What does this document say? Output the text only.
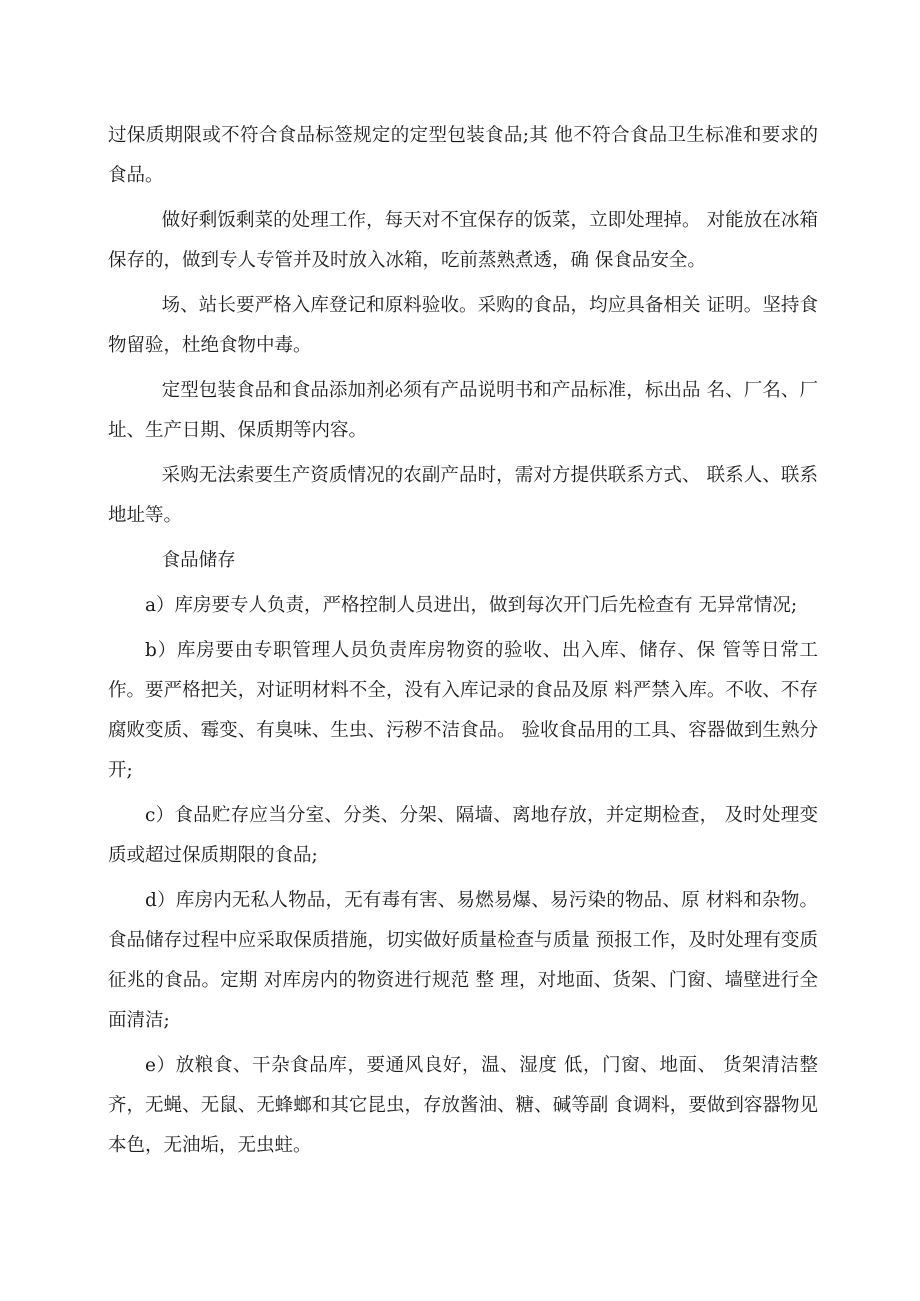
过保质期限或不符合食品标签规定的定型包装食品;其 他不符合食品卫生标准和要求的食品。

做好剩饭剩菜的处理工作，每天对不宜保存的饭菜，立即处理掉。 对能放在冰箱保存的，做到专人专管并及时放入冰箱，吃前蒸熟煮透，确 保食品安全。

场、站长要严格入库登记和原料验收。采购的食品，均应具备相关 证明。坚持食物留验，杜绝食物中毒。

定型包装食品和食品添加剂必须有产品说明书和产品标准，标出品 名、厂名、厂址、生产日期、保质期等内容。

采购无法索要生产资质情况的农副产品时，需对方提供联系方式、 联系人、联系地址等。

食品储存

a）库房要专人负责，严格控制人员进出，做到每次开门后先检查有 无异常情况;

b）库房要由专职管理人员负责库房物资的验收、出入库、储存、保 管等日常工作。要严格把关，对证明材料不全，没有入库记录的食品及原 料严禁入库。不收、不存腐败变质、霉变、有臭味、生虫、污秽不洁食品。 验收食品用的工具、容器做到生熟分开;

c）食品贮存应当分室、分类、分架、隔墙、离地存放，并定期检查， 及时处理变质或超过保质期限的食品;

d）库房内无私人物品，无有毒有害、易燃易爆、易污染的物品、原 材料和杂物。食品储存过程中应采取保质措施，切实做好质量检查与质量 预报工作，及时处理有变质征兆的食品。定期 对库房内的物资进行规范 整 理，对地面、货架、门窗、墙壁进行全面清洁;

e）放粮食、干杂食品库，要通风良好，温、湿度 低，门窗、地面、 货架清洁整齐，无蝇、无鼠、无蜂螂和其它昆虫，存放酱油、糖、碱等副 食调料，要做到容器物见本色，无油垢，无虫蛀。
